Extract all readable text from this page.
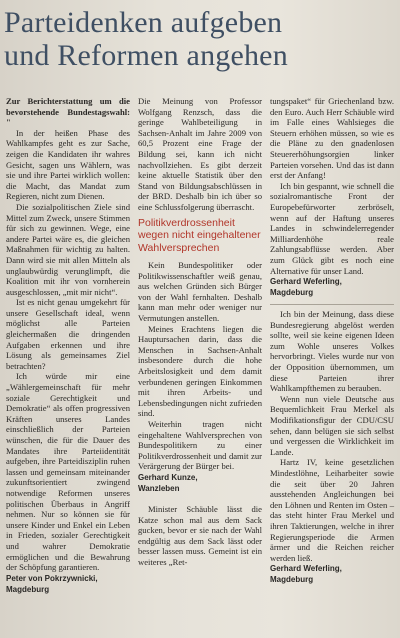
Parteidenken aufgeben
und Reformen angehen

Zur Berichterstattung um die bevorstehende Bundestagswahl: "

In der heißen Phase des Wahlkampfes geht es zur Sache, zeigen die Kandidaten ihr wahres Gesicht, sagen uns Wählern, was sie und ihre Partei wirklich wollen: die Macht, das Mandat zum Regieren, nicht zum Dienen.

Die sozialpolitischen Ziele sind Mittel zum Zweck, unsere Stimmen für sich zu gewinnen. Wege, eine andere Partei wäre es, die gleichen Maßnahmen für wichtig zu halten. Dann wird sie mit allen Mitteln als unglaubwürdig verunglimpft, die Koalition mit ihr von vornherein ausgeschlossen, „mit mir nicht“.

Ist es nicht genau umgekehrt für unsere Gesellschaft ideal, wenn möglichst alle Parteien gleichermaßen die dringenden Aufgaben erkennen und ihre Lösung als gemeinsames Ziel betrachten?

Ich würde mir eine „Wählergemeinschaft für mehr soziale Gerechtigkeit und Demokratie“ als offen progressiven Kräften unseres Landes einschließlich der Parteien wünschen, die für die Dauer des Mandates ihre Parteiidentität aufgeben, ihre Parteidisziplin ruhen lassen und gemeinsam miteinander zukunftsorientiert zwingend notwendige Reformen unseres politischen Überbaus in Angriff nehmen. Nur so können sie für unsere Kinder und Enkel ein Leben in Frieden, sozialer Gerechtigkeit und wahrer Demokratie ermöglichen und die Bewahrung der Schöpfung garantieren.

Peter von Pokrzywnicki,
Magdeburg

Die Meinung von Professor Wolfgang Renzsch, dass die geringe Wahlbeteiligung in Sachsen-Anhalt im Jahre 2009 von 60,5 Prozent eine Frage der Bildung sei, kann ich nicht nachvollziehen. Es gibt derzeit keine aktuelle Statistik über den Stand von Bildungsabschlüssen in der BRD. Deshalb bin ich über so eine Schlussfolgerung überrascht.

Politikverdrossenheit wegen nicht eingehaltener Wahlversprechen

Kein Bundespolitiker oder Politikwissenschaftler weiß genau, aus welchen Gründen sich Bürger von der Wahl fernhalten. Deshalb kann man mehr oder weniger nur Vermutungen anstellen.

Meines Erachtens liegen die Hauptursachen darin, dass die Menschen in Sachsen-Anhalt insbesondere durch die hohe Arbeitslosigkeit und dem damit verbundenen geringen Einkommen mit ihren Arbeits- und Lebensbedingungen nicht zufrieden sind.

Weiterhin tragen nicht eingehaltene Wahlversprechen von Bundespolitikern zu einer Politikverdrossenheit und damit zur Verärgerung der Bürger bei.

Gerhard Kunze,
Wanzleben

Minister Schäuble lässt die Katze schon mal aus dem Sack gucken, bevor er sie nach der Wahl endgültig aus dem Sack lässt oder besser lassen muss. Gemeint ist ein weiteres „Ret-

tungspaket“ für Griechenland bzw. den Euro. Auch Herr Schäuble wird im Falle eines Wahlsieges die Steuern erhöhen müssen, so wie es die Pläne zu den gnadenlosen Steuererhöhungsorgien linker Parteien vorsehen. Und das ist dann erst der Anfang!

Ich bin gespannt, wie schnell die sozialromantische Front der Europebefürworter zerbröselt, wenn auf der Haftung unseres Landes in schwindelerregender Milliardenhöhe reale Zahlungsabflüsse werden. Aber zum Glück gibt es noch eine Alternative für unser Land.

Gerhard Weferling,
Magdeburg

Ich bin der Meinung, dass diese Bundesregierung abgelöst werden sollte, weil sie keine eigenen Ideen zum Wohle unseres Volkes hervorbringt. Vieles wurde nur von der Opposition übernommen, um diese Parteien ihrer Wahlkampfthemen zu berauben.

Wenn nun viele Deutsche aus Bequemlichkeit Frau Merkel als Modifikationsfigur der CDU/CSU sehen, dann belügen sie sich selbst und vergessen die Wirklichkeit im Lande.

Hartz IV, keine gesetzlichen Mindestlöhne, Leiharbeiter sowie die seit über 20 Jahren ausstehenden Angleichungen bei den Löhnen und Renten im Osten – das steht hinter Frau Merkel und ihren Taktierungen, welche in ihrer Regierungsperiode die Armen ärmer und die Reichen reicher werden ließ.

Gerhard Weferling,
Magdeburg
